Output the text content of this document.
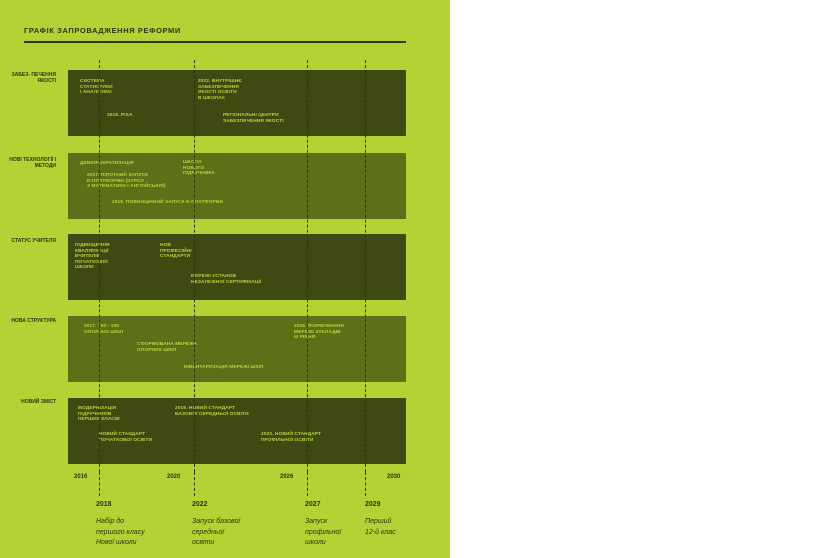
ГРАФІК ЗАПРОВАДЖЕННЯ РЕФОРМИ
ЗАБЕЗ- ПЕЧЕННЯ ЯКОСТІ	СИСТЕМА
СТАТИСТИКИ
І АНАЛІТИКИ
2022. ВНУТРІШНЄ
ЗАБЕЗПЕЧЕННЯ
ЯКОСТІ ОСВІТИ
В ШКОЛАХ
2018. PISA	РЕГІОНАЛЬНІ ЦЕНТРИ
ЗАБЕЗПЕЧЕННЯ ЯКОСТІ
НОВІ ТЕХНОЛОГІЇ І МЕТОДИ	ДЕБЮРОКРАТИЗАЦІЯ	ШКОЛА
НОВОГО
ПІДРУЧНИКА
2017. ПІЛОТНИЙ ЗАПУСК
Е-ПЛАТФОРМИ (КУРСИ
З МАТЕМАТИКИ І АНГЛІЙСЬКОЇ)
2019. ПОВНОЦІННИЙ ЗАПУСК Е-ПЛАТФОРМИ
СТАТУС УЧИТЕЛЯ
ПІДВИЩЕННЯ
КВАЛІФІКАЦІЇ
ВЧИТЕЛІВ
ПОЧАТКОВОЇ
ШКОЛИ
НОВ
ПРОФЕСІЙНІ
СТАНДАРТИ
МЕРЕЖІ УСТАНОВ
НЕЗАЛЕЖНОЇ СЕРТИФІКАЦІЇ
НОВА СТРУКТУРА
2017. 100 - 150
ОПОРНИХ ШКІЛ
2026. ФОРМУВАННЯ
МЕРЕЖІ ЗАКЛАДІВ
ІІІ РІВНЯ
СФОРМОВАНА МЕРЕЖА
ОПОРНИХ ШКІЛ
ІНВЕНТАРИЗАЦІЯ МЕРЕЖІ ШКІЛ
НОВИЙ ЗМІСТ
МОДЕРНІЗАЦІЯ
ПІДРУЧНИКІВ
ПЕРШИХ КЛАСІВ
2019. НОВИЙ СТАНДАРТ
БАЗОВОЇ СЕРЕДНЬОЇ ОСВІТИ
НОВИЙ СТАНДАРТ
ПОЧАТКОВОЇ ОСВІТИ
2023. НОВИЙ СТАНДАРТ
ПРОФІЛЬНОЇ ОСВІТИ
2016	2020	2026	2030
2018
Набір до
першого класу
Нової школи
2022
Запуск базової
середньої
освіти
2027
Запуск
профільної
школи
2029
Перший
12-й клас
